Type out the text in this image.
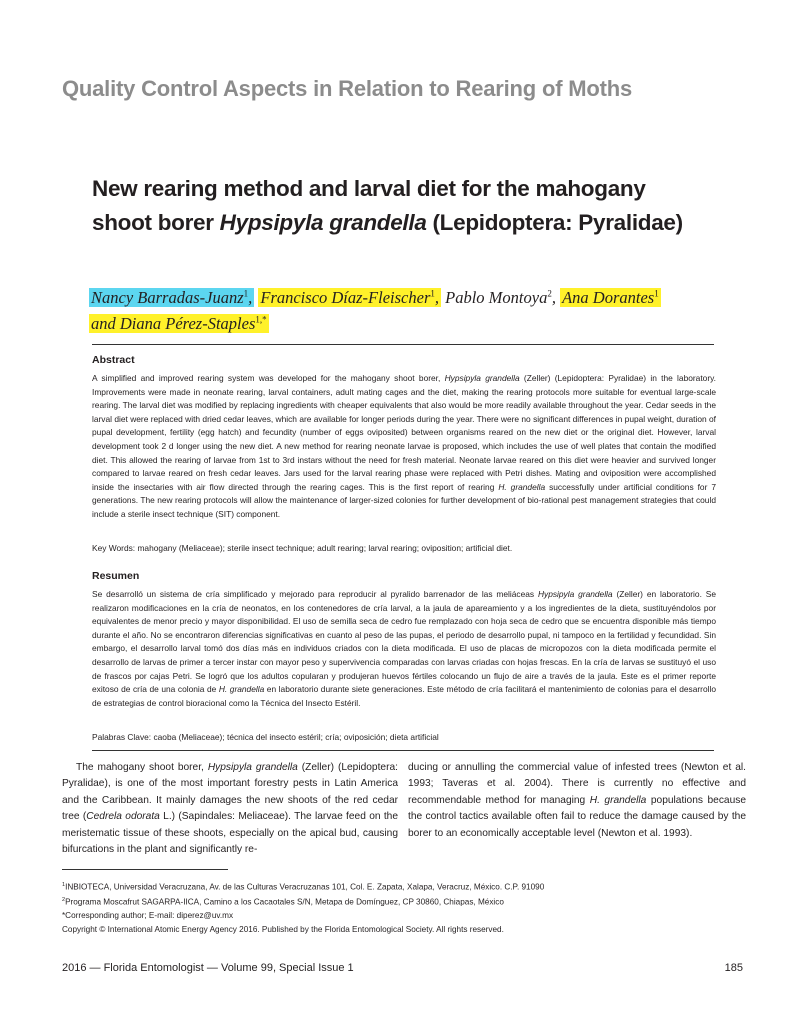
Quality Control Aspects in Relation to Rearing of Moths
New rearing method and larval diet for the mahogany shoot borer Hypsipyla grandella (Lepidoptera: Pyralidae)
Nancy Barradas-Juanz$^1$, Francisco Díaz-Fleischer$^1$, Pablo Montoya$^2$, Ana Dorantes$^1$
and Diana Pérez-Staples$^{1,*}$
Abstract
A simplified and improved rearing system was developed for the mahogany shoot borer, Hypsipyla grandella (Zeller) (Lepidoptera: Pyralidae) in the laboratory. Improvements were made in neonate rearing, larval containers, adult mating cages and the diet, making the rearing protocols more suitable for eventual large-scale rearing. The larval diet was modified by replacing ingredients with cheaper equivalents that also would be more readily available throughout the year. Cedar seeds in the larval diet were replaced with dried cedar leaves, which are available for longer periods during the year. There were no significant differences in pupal weight, duration of pupal development, fertility (egg hatch) and fecundity (number of eggs oviposited) between organisms reared on the new diet or the original diet. However, larval development took 2 d longer using the new diet. A new method for rearing neonate larvae is proposed, which includes the use of well plates that contain the modified diet. This allowed the rearing of larvae from 1st to 3rd instars without the need for fresh material. Neonate larvae reared on this diet were heavier and survived longer compared to larvae reared on fresh cedar leaves. Jars used for the larval rearing phase were replaced with Petri dishes. Mating and oviposition were accomplished inside the insectaries with air flow directed through the rearing cages. This is the first report of rearing H. grandella successfully under artificial conditions for 7 generations. The new rearing protocols will allow the maintenance of larger-sized colonies for further development of bio-rational pest management strategies that could include a sterile insect technique (SIT) component.
Key Words: mahogany (Meliaceae); sterile insect technique; adult rearing; larval rearing; oviposition; artificial diet.
Resumen
Se desarrolló un sistema de cría simplificado y mejorado para reproducir al pyralido barrenador de las meliáceas Hypsipyla grandella (Zeller) en laboratorio. Se realizaron modificaciones en la cría de neonatos, en los contenedores de cría larval, a la jaula de apareamiento y a los ingredientes de la dieta, sustituyéndolos por equivalentes de menor precio y mayor disponibilidad. El uso de semilla seca de cedro fue remplazado con hoja seca de cedro que se encuentra disponible más tiempo durante el año. No se encontraron diferencias significativas en cuanto al peso de las pupas, el periodo de desarrollo pupal, ni tampoco en la fertilidad y fecundidad. Sin embargo, el desarrollo larval tomó dos días más en individuos criados con la dieta modificada. El uso de placas de micropozos con la dieta modificada permite el desarrollo de larvas de primer a tercer instar con mayor peso y supervivencia comparadas con larvas criadas con hojas frescas. En la cría de larvas se sustituyó el uso de frascos por cajas Petri. Se logró que los adultos copularan y produjeran huevos fértiles colocando un flujo de aire a través de la jaula. Este es el primer reporte exitoso de cría de una colonia de H. grandella en laboratorio durante siete generaciones. Este método de cría facilitará el mantenimiento de colonias para el desarrollo de estrategias de control bioracional como la Técnica del Insecto Estéril.
Palabras Clave: caoba (Meliaceae); técnica del insecto estéril; cría; oviposición; dieta artificial
The mahogany shoot borer, Hypsipyla grandella (Zeller) (Lepidoptera: Pyralidae), is one of the most important forestry pests in Latin America and the Caribbean. It mainly damages the new shoots of the red cedar tree (Cedrela odorata L.) (Sapindales: Meliaceae). The larvae feed on the meristematic tissue of these shoots, especially on the apical bud, causing bifurcations in the plant and significantly re-
ducing or annulling the commercial value of infested trees (Newton et al. 1993; Taveras et al. 2004). There is currently no effective and recommendable method for managing H. grandella populations because the control tactics available often fail to reduce the damage caused by the borer to an economically acceptable level (Newton et al. 1993).
$^1$INBIOTECA, Universidad Veracruzana, Av. de las Culturas Veracruzanas 101, Col. E. Zapata, Xalapa, Veracruz, México. C.P. 91090
$^2$Programa Moscafrut SAGARPA-IICA, Camino a los Cacaotales S/N, Metapa de Domínguez, CP 30860, Chiapas, México
*Corresponding author; E-mail: diperez@uv.mx
Copyright © International Atomic Energy Agency 2016. Published by the Florida Entomological Society. All rights reserved.
2016 — Florida Entomologist — Volume 99, Special Issue 1	185
